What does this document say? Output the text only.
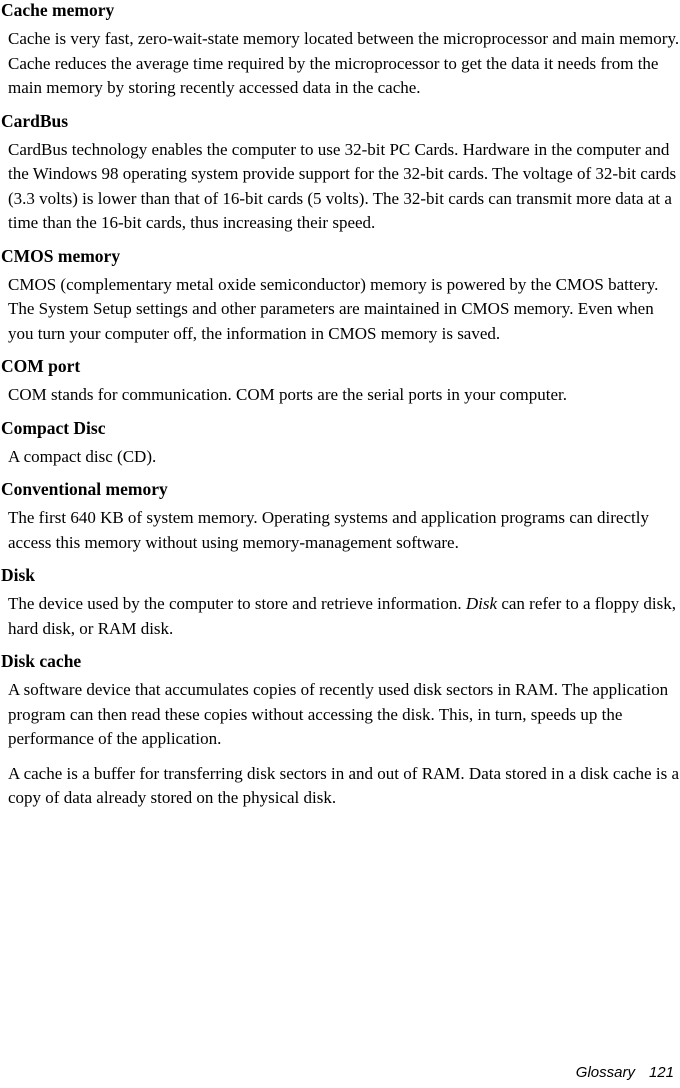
Cache memory
Cache is very fast, zero-wait-state memory located between the microprocessor and main memory. Cache reduces the average time required by the microprocessor to get the data it needs from the main memory by storing recently accessed data in the cache.
CardBus
CardBus technology enables the computer to use 32-bit PC Cards. Hardware in the computer and the Windows 98 operating system provide support for the 32-bit cards. The voltage of 32-bit cards (3.3 volts) is lower than that of 16-bit cards (5 volts). The 32-bit cards can transmit more data at a time than the 16-bit cards, thus increasing their speed.
CMOS memory
CMOS (complementary metal oxide semiconductor) memory is powered by the CMOS battery. The System Setup settings and other parameters are maintained in CMOS memory. Even when you turn your computer off, the information in CMOS memory is saved.
COM port
COM stands for communication. COM ports are the serial ports in your computer.
Compact Disc
A compact disc (CD).
Conventional memory
The first 640 KB of system memory. Operating systems and application programs can directly access this memory without using memory-management software.
Disk
The device used by the computer to store and retrieve information. Disk can refer to a floppy disk, hard disk, or RAM disk.
Disk cache
A software device that accumulates copies of recently used disk sectors in RAM. The application program can then read these copies without accessing the disk. This, in turn, speeds up the performance of the application.
A cache is a buffer for transferring disk sectors in and out of RAM. Data stored in a disk cache is a copy of data already stored on the physical disk.
Glossary 121
